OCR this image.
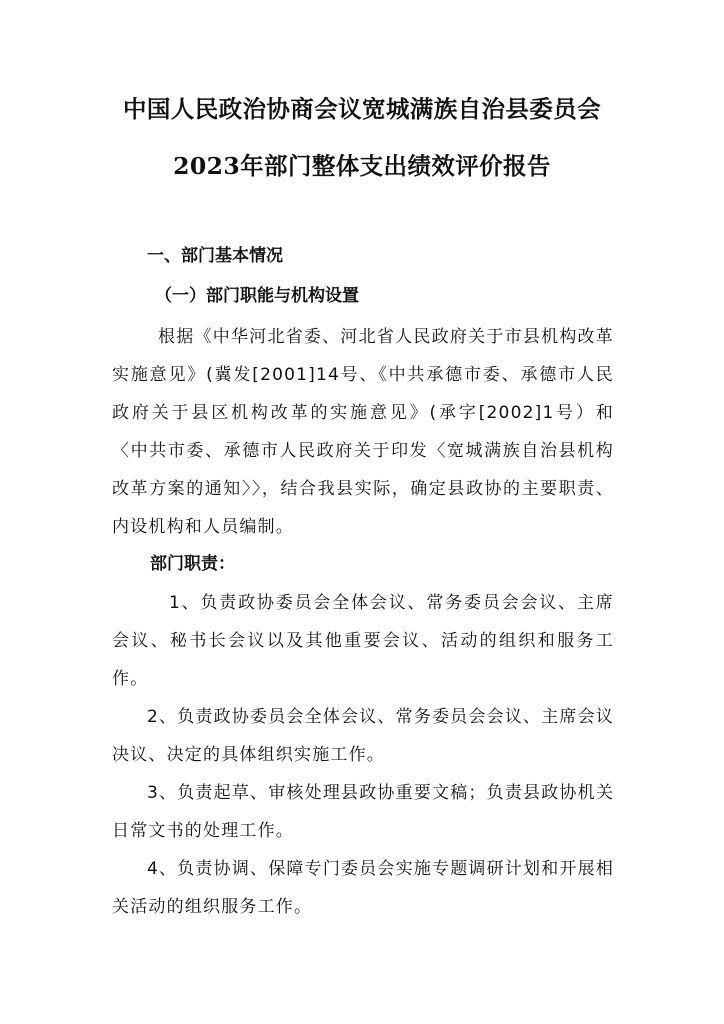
中国人民政治协商会议宽城满族自治县委员会
2023年部门整体支出绩效评价报告
一、部门基本情况
（一）部门职能与机构设置
根据《中华河北省委、河北省人民政府关于市县机构改革实施意见》(冀发[2001]14号、《中共承德市委、承德市人民政府关于县区机构改革的实施意见》(承字[2002]1号）和〈中共市委、承德市人民政府关于印发〈宽城满族自治县机构改革方案的通知〉〉，结合我县实际，确定县政协的主要职责、内设机构和人员编制。
部门职责：
1、负责政协委员会全体会议、常务委员会会议、主席会议、秘书长会议以及其他重要会议、活动的组织和服务工作。
2、负责政协委员会全体会议、常务委员会会议、主席会议决议、决定的具体组织实施工作。
3、负责起草、审核处理县政协重要文稿；负责县政协机关日常文书的处理工作。
4、负责协调、保障专门委员会实施专题调研计划和开展相关活动的组织服务工作。
